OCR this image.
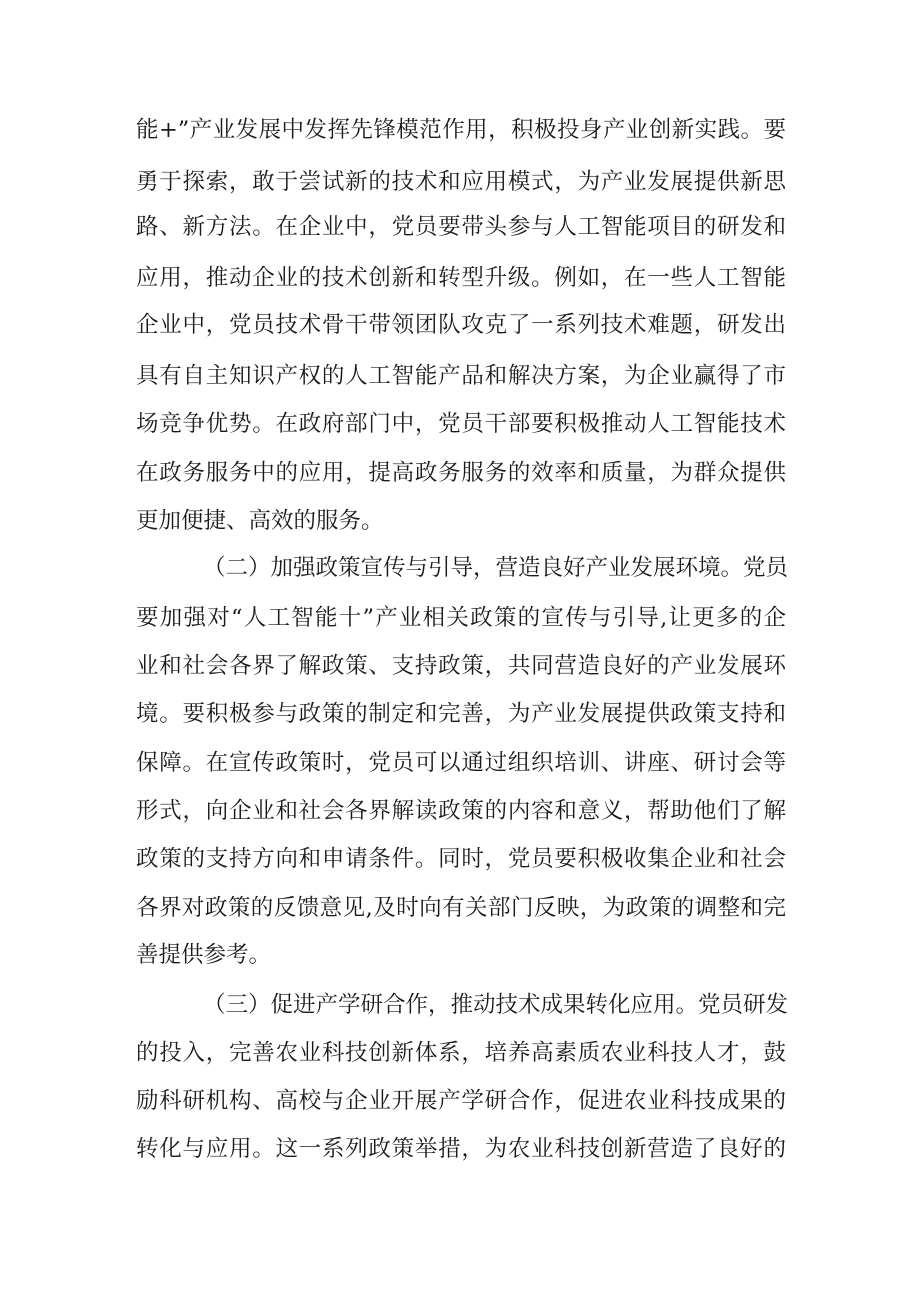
能+”产业发展中发挥先锋模范作用，积极投身产业创新实践。要
勇于探索，敢于尝试新的技术和应用模式，为产业发展提供新思
路、新方法。在企业中，党员要带头参与人工智能项目的研发和
应用，推动企业的技术创新和转型升级。例如，在一些人工智能
企业中，党员技术骨干带领团队攻克了一系列技术难题，研发出
具有自主知识产权的人工智能产品和解决方案，为企业赢得了市
场竞争优势。在政府部门中，党员干部要积极推动人工智能技术
在政务服务中的应用，提高政务服务的效率和质量，为群众提供
更加便捷、高效的服务。
（二）加强政策宣传与引导，营造良好产业发展环境。党员
要加强对“人工智能十”产业相关政策的宣传与引导,让更多的企
业和社会各界了解政策、支持政策，共同营造良好的产业发展环
境。要积极参与政策的制定和完善，为产业发展提供政策支持和
保障。在宣传政策时，党员可以通过组织培训、讲座、研讨会等
形式，向企业和社会各界解读政策的内容和意义，帮助他们了解
政策的支持方向和申请条件。同时，党员要积极收集企业和社会
各界对政策的反馈意见,及时向有关部门反映，为政策的调整和完
善提供参考。
（三）促进产学研合作，推动技术成果转化应用。党员研发
的投入，完善农业科技创新体系，培养高素质农业科技人才，鼓
励科研机构、高校与企业开展产学研合作，促进农业科技成果的
转化与应用。这一系列政策举措，为农业科技创新营造了良好的
